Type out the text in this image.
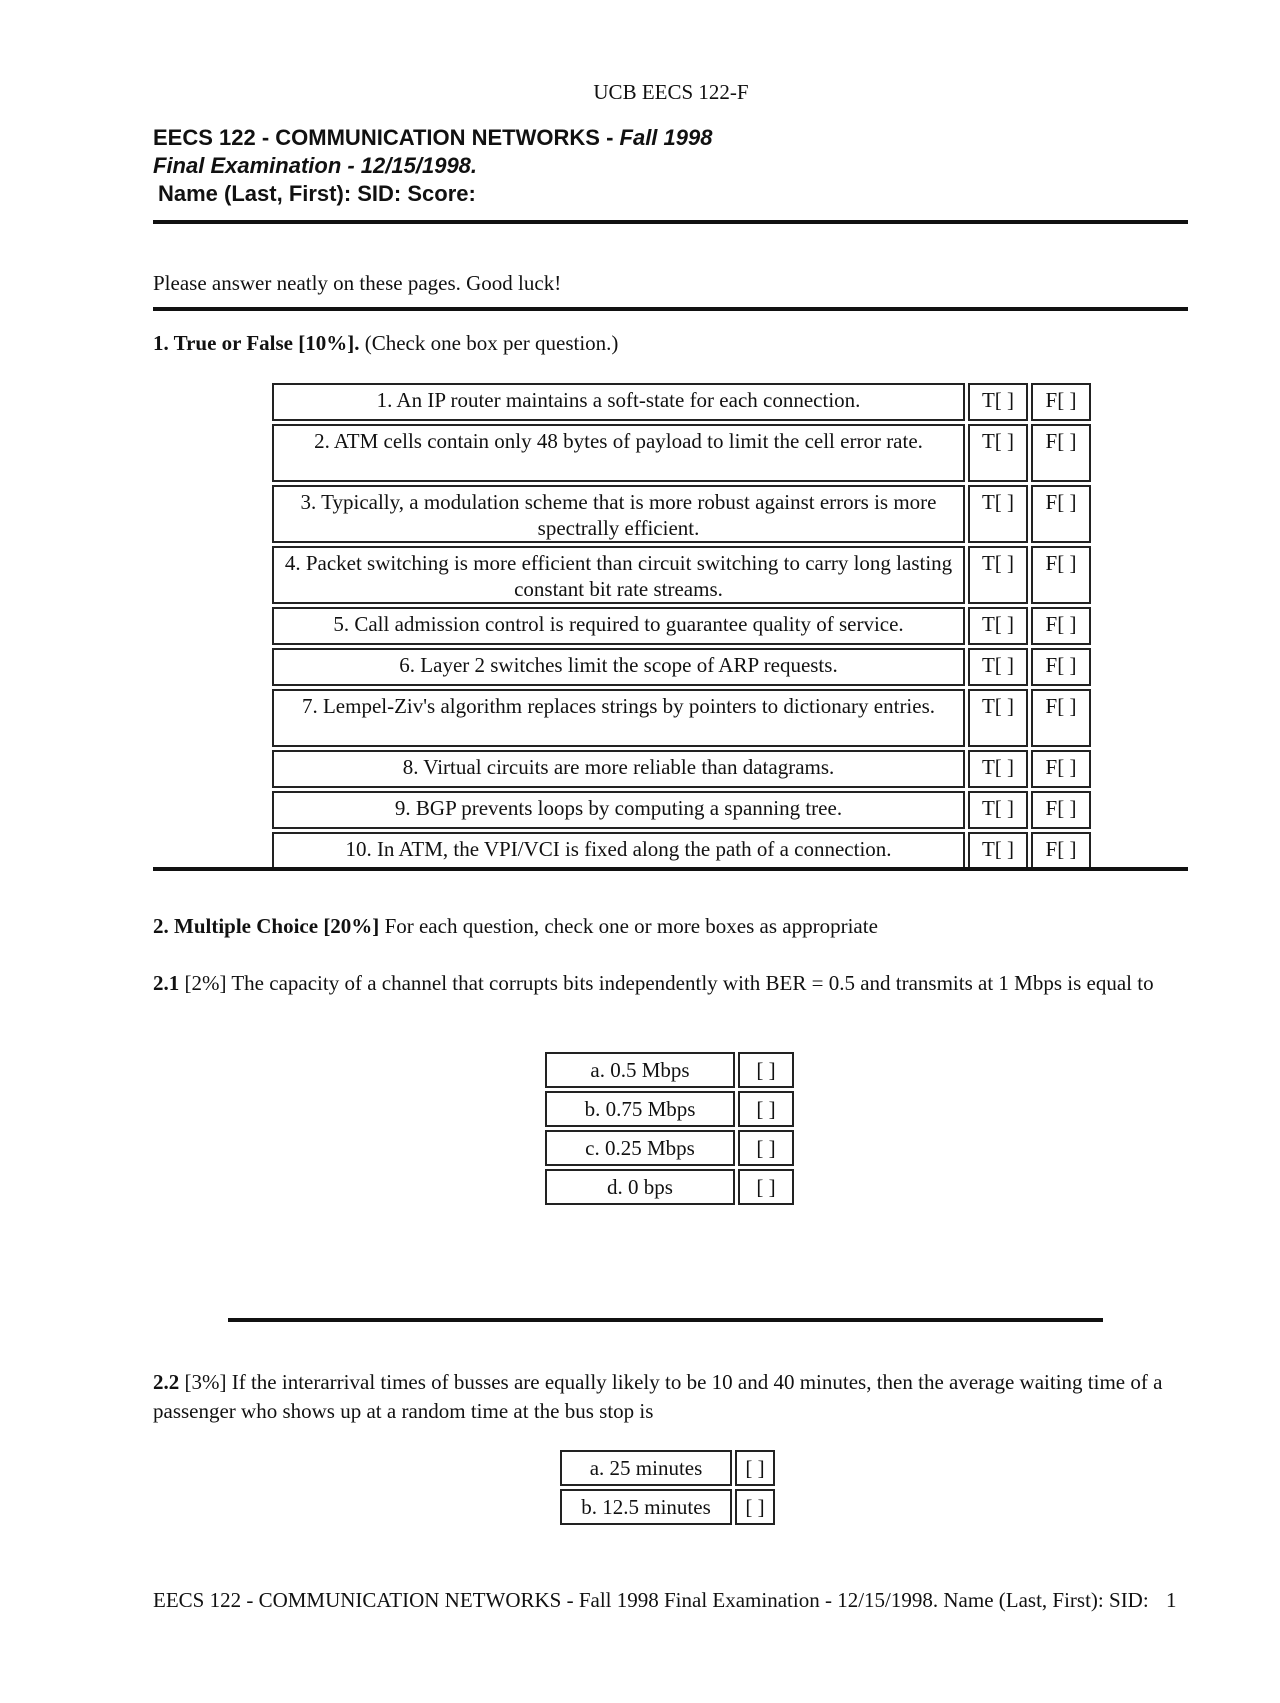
UCB EECS 122-F
EECS 122 - COMMUNICATION NETWORKS - Fall 1998
Final Examination - 12/15/1998.
Name (Last, First): SID: Score:
Please answer neatly on these pages. Good luck!
1. True or False [10%]. (Check one box per question.)
1. An IP router maintains a soft-state for each connection.	T[ ]	F[ ]
2. ATM cells contain only 48 bytes of payload to limit the cell error rate.	T[ ]	F[ ]
3. Typically, a modulation scheme that is more robust against errors is more spectrally efficient.	T[ ]	F[ ]
4. Packet switching is more efficient than circuit switching to carry long lasting constant bit rate streams.	T[ ]	F[ ]
5. Call admission control is required to guarantee quality of service.	T[ ]	F[ ]
6. Layer 2 switches limit the scope of ARP requests.	T[ ]	F[ ]
7. Lempel-Ziv's algorithm replaces strings by pointers to dictionary entries.	T[ ]	F[ ]
8. Virtual circuits are more reliable than datagrams.	T[ ]	F[ ]
9. BGP prevents loops by computing a spanning tree.	T[ ]	F[ ]
10. In ATM, the VPI/VCI is fixed along the path of a connection.	T[ ]	F[ ]
2. Multiple Choice [20%] For each question, check one or more boxes as appropriate
2.1 [2%] The capacity of a channel that corrupts bits independently with BER = 0.5 and transmits at 1 Mbps is equal to
a. 0.5 Mbps	[ ]
b. 0.75 Mbps	[ ]
c. 0.25 Mbps	[ ]
d. 0 bps	[ ]
2.2 [3%] If the interarrival times of busses are equally likely to be 10 and 40 minutes, then the average waiting time of a passenger who shows up at a random time at the bus stop is
a. 25 minutes	[ ]
b. 12.5 minutes	[ ]
EECS 122 - COMMUNICATION NETWORKS - Fall 1998 Final Examination - 12/15/1998. Name (Last, First): SID: 1
